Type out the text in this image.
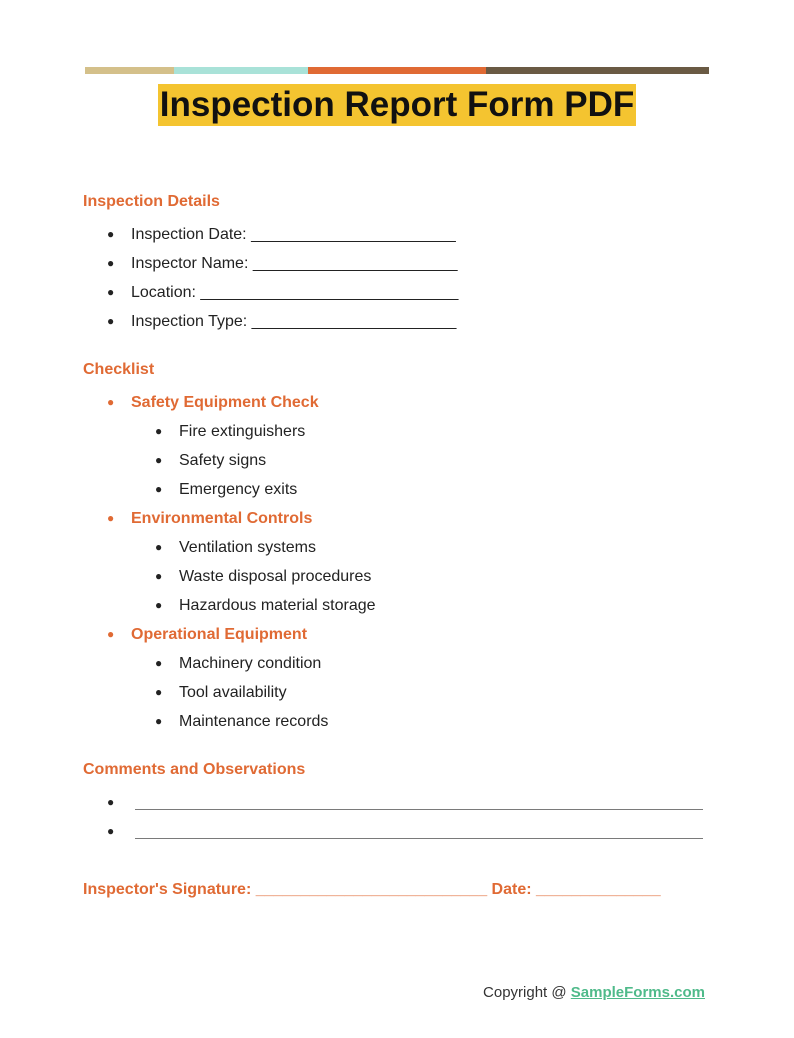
Inspection Report Form PDF
Inspection Details
● Inspection Date: _______________________
● Inspector Name: _______________________
● Location: _____________________________
● Inspection Type: _______________________
Checklist
● Safety Equipment Check
● Fire extinguishers
● Safety signs
● Emergency exits
● Environmental Controls
● Ventilation systems
● Waste disposal procedures
● Hazardous material storage
● Operational Equipment
● Machinery condition
● Tool availability
● Maintenance records
Comments and Observations
●
●
Inspector's Signature: __________________________ Date: ______________
Copyright @ SampleForms.com
